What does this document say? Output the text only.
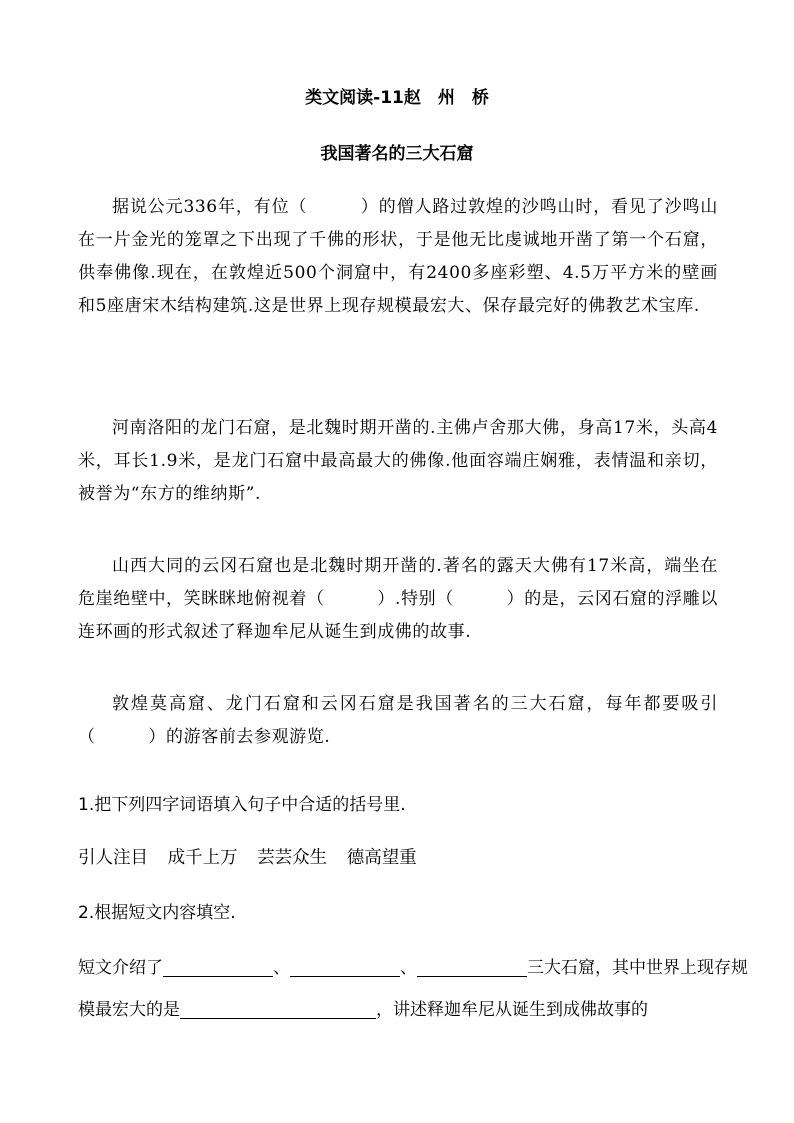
类文阅读-11赵　州　桥
我国著名的三大石窟
据说公元336年，有位（　　　）的僧人路过敦煌的沙鸣山时，看见了沙鸣山在一片金光的笼罩之下出现了千佛的形状，于是他无比虔诚地开凿了第一个石窟，供奉佛像.现在，在敦煌近500个洞窟中，有2400多座彩塑、4.5万平方米的壁画和5座唐宋木结构建筑.这是世界上现存规模最宏大、保存最完好的佛教艺术宝库.
河南洛阳的龙门石窟，是北魏时期开凿的.主佛卢舍那大佛，身高17米，头高4米，耳长1.9米，是龙门石窟中最高最大的佛像.他面容端庄娴雅，表情温和亲切，被誉为“东方的维纳斯”.
山西大同的云冈石窟也是北魏时期开凿的.著名的露天大佛有17米高，端坐在危崖绝壁中，笑眯眯地俯视着（　　　）.特别（　　　）的是，云冈石窟的浮雕以连环画的形式叙述了释迦牟尼从诞生到成佛的故事.
敦煌莫高窟、龙门石窟和云冈石窟是我国著名的三大石窟，每年都要吸引（　　　）的游客前去参观游览.
1.把下列四字词语填入句子中合适的括号里.
引人注目 成千上万 芸芸众生 德高望重
2.根据短文内容填空.
短文介绍了	、	、	三大石窟，其中世界上现存规
模最宏大的是	，讲述释迦牟尼从诞生到成佛故事的
